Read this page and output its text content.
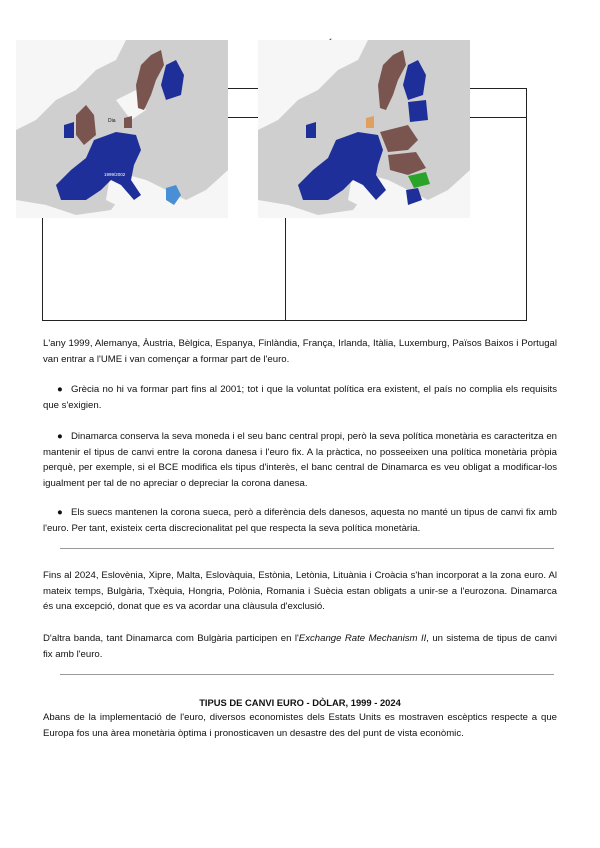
Dia
1999/2002
L'any 1999, Alemanya, Àustria, Bèlgica, Espanya, Finlàndia, França, Irlanda, Itàlia, Luxemburg, Països Baixos i Portugal van entrar a l'UME i van començar a formar part de l'euro.
● Grècia no hi va formar part fins al 2001; tot i que la voluntat política era existent, el país no complia els requisits que s'exigien.
● Dinamarca conserva la seva moneda i el seu banc central propi, però la seva política monetària es caracteritza en mantenir el tipus de canvi entre la corona danesa i l'euro fix. A la pràctica, no posseeixen una política monetària pròpia perquè, per exemple, si el BCE modifica els tipus d'interès, el banc central de Dinamarca es veu obligat a modificar-los igualment per tal de no apreciar o depreciar la corona danesa.
● Els suecs mantenen la corona sueca, però a diferència dels danesos, aquesta no manté un tipus de canvi fix amb l'euro. Per tant, existeix certa discrecionalitat pel que respecta la seva política monetària.
Fins al 2024, Eslovènia, Xipre, Malta, Eslovàquia, Estònia, Letònia, Lituània i Croàcia s'han incorporat a la zona euro. Al mateix temps, Bulgària, Txèquia, Hongria, Polònia, Romania i Suècia estan obligats a unir-se a l'eurozona. Dinamarca és una excepció, donat que es va acordar una clàusula d'exclusió.
D'altra banda, tant Dinamarca com Bulgària participen en l'Exchange Rate Mechanism II, un sistema de tipus de canvi fix amb l'euro.
TIPUS DE CANVI EURO - DÒLAR, 1999 - 2024
Abans de la implementació de l'euro, diversos economistes dels Estats Units es mostraven escèptics respecte a que Europa fos una àrea monetària òptima i pronosticaven un desastre des del punt de vista econòmic.
